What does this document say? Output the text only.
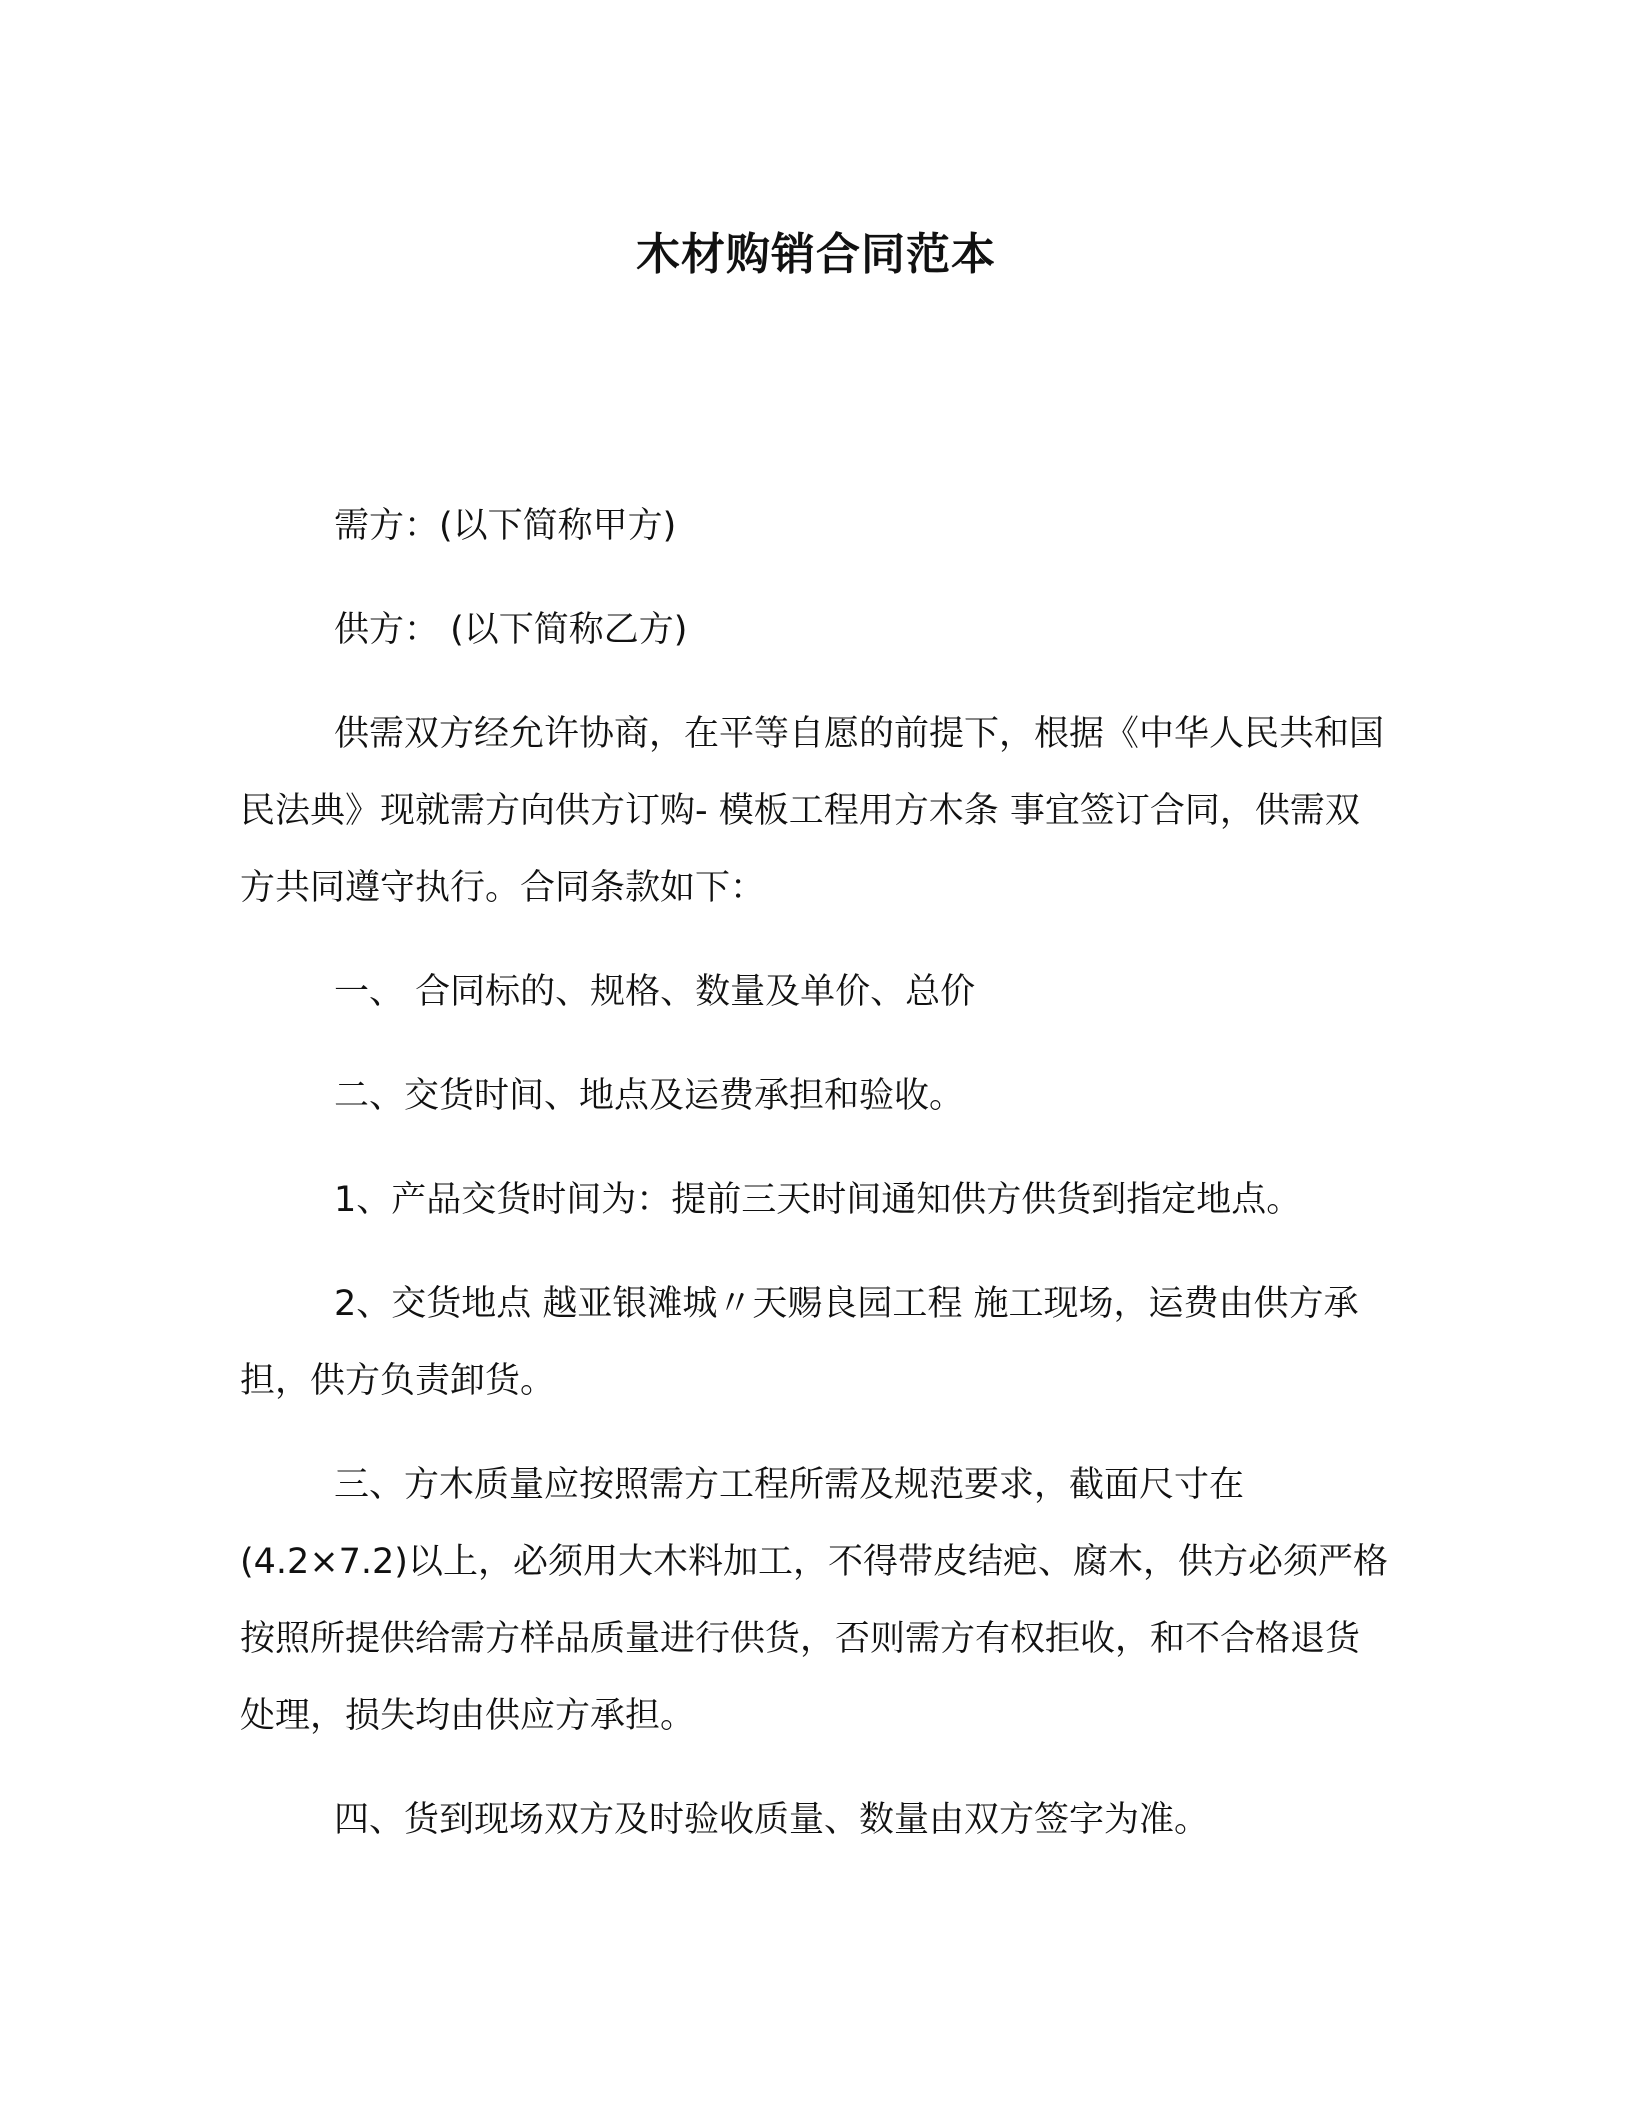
木材购销合同范本

需方：(以下简称甲方)

供方： (以下简称乙方)

供需双方经允许协商，在平等自愿的前提下，根据《中华人民共和国民法典》现就需方向供方订购- 模板工程用方木条 事宜签订合同，供需双方共同遵守执行。合同条款如下：

一、 合同标的、规格、数量及单价、总价

二、交货时间、地点及运费承担和验收。

1、产品交货时间为：提前三天时间通知供方供货到指定地点。

2、交货地点 越亚银滩城〃天赐良园工程 施工现场，运费由供方承担，供方负责卸货。

三、方木质量应按照需方工程所需及规范要求，截面尺寸在(4.2×7.2)以上，必须用大木料加工，不得带皮结疤、腐木，供方必须严格按照所提供给需方样品质量进行供货，否则需方有权拒收，和不合格退货处理，损失均由供应方承担。

四、货到现场双方及时验收质量、数量由双方签字为准。
